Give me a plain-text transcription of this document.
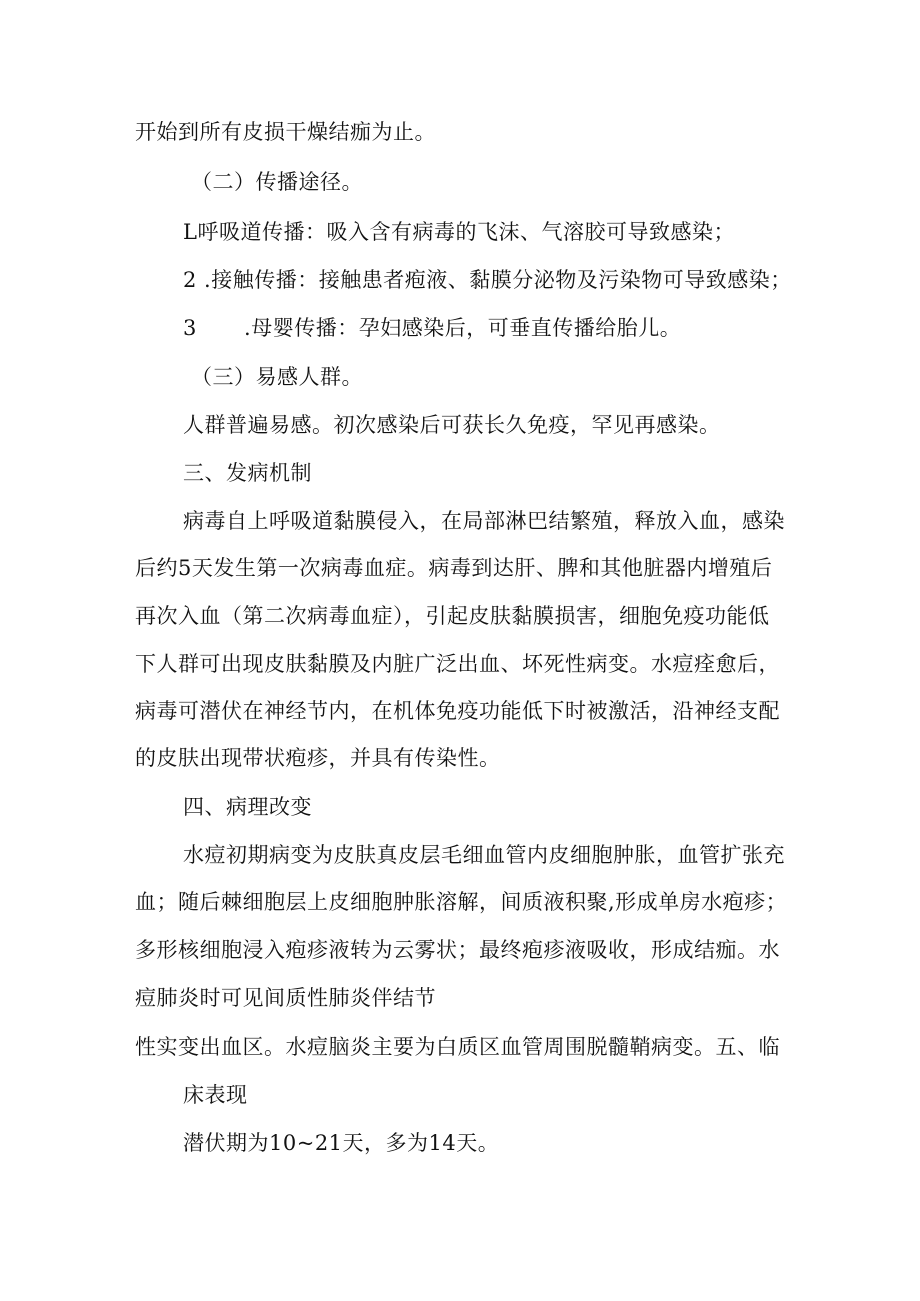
开始到所有皮损干燥结痂为止。
（二）传播途径。
L呼吸道传播：吸入含有病毒的飞沫、气溶胶可导致感染；
2 .接触传播：接触患者疱液、黏膜分泌物及污染物可导致感染；
3 .母婴传播：孕妇感染后，可垂直传播给胎儿。
（三）易感人群。
人群普遍易感。初次感染后可获长久免疫，罕见再感染。
三、发病机制
病毒自上呼吸道黏膜侵入，在局部淋巴结繁殖，释放入血，感染
后约5天发生第一次病毒血症。病毒到达肝、脾和其他脏器内增殖后
再次入血（第二次病毒血症），引起皮肤黏膜损害，细胞免疫功能低
下人群可出现皮肤黏膜及内脏广泛出血、坏死性病变。水痘痊愈后，
病毒可潜伏在神经节内，在机体免疫功能低下时被激活，沿神经支配
的皮肤出现带状疱疹，并具有传染性。
四、病理改变
水痘初期病变为皮肤真皮层毛细血管内皮细胞肿胀，血管扩张充
血；随后棘细胞层上皮细胞肿胀溶解，间质液积聚,形成单房水疱疹；
多形核细胞浸入疱疹液转为云雾状；最终疱疹液吸收，形成结痂。水
痘肺炎时可见间质性肺炎伴结节
性实变出血区。水痘脑炎主要为白质区血管周围脱髓鞘病变。五、临
床表现
潜伏期为10~21天，多为14天。
